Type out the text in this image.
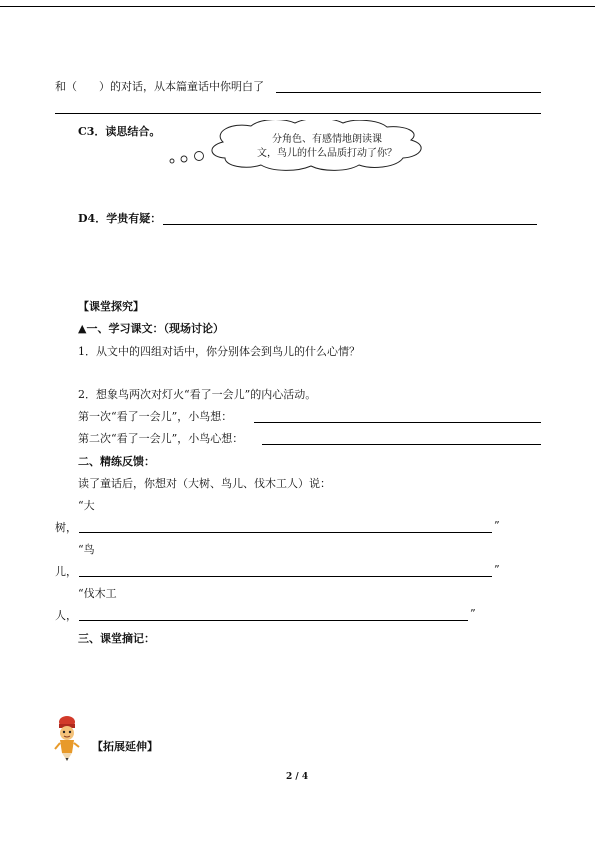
和（　　）的对话，从本篇童话中你明白了
C3．读思结合。
分角色、有感情地朗读课
文，鸟儿的什么品质打动了你？
D4．学贵有疑：
【课堂探究】
▲一、学习课文：（现场讨论）
1．从文中的四组对话中，你分别体会到鸟儿的什么心情？
2．想象鸟两次对灯火“看了一会儿”的内心活动。
第一次“看了一会儿”，小鸟想：
第二次“看了一会儿”，小鸟心想：
二、精练反馈：
读了童话后，你想对（大树、鸟儿、伐木工人）说：
“大
树，	”
“鸟
儿，	”
“伐木工
人，	”
三、课堂摘记：
【拓展延伸】
2 / 4
